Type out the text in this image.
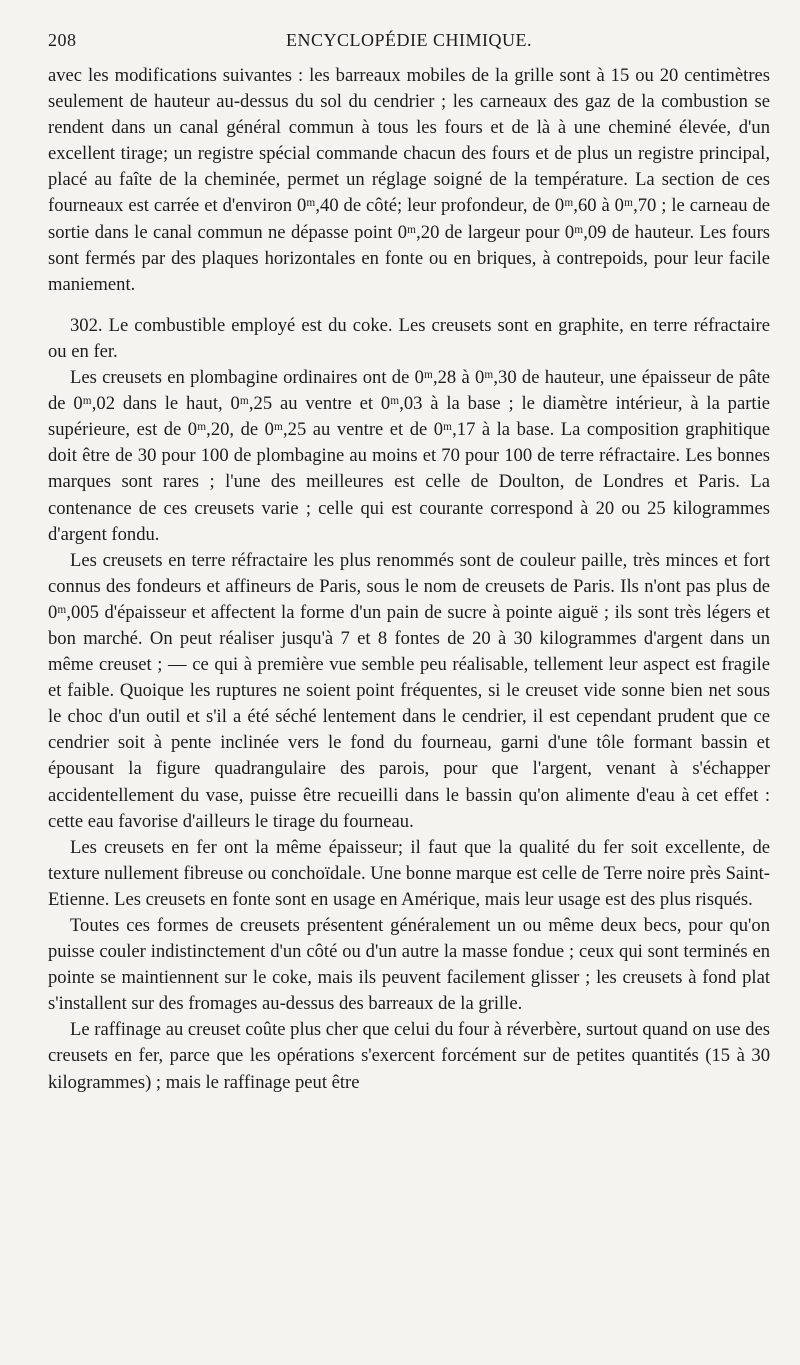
208	ENCYCLOPÉDIE CHIMIQUE.

avec les modifications suivantes : les barreaux mobiles de la grille sont à 15 ou 20 centimètres seulement de hauteur au-dessus du sol du cendrier ; les carneaux des gaz de la combustion se rendent dans un canal général commun à tous les fours et de là à une cheminé élevée, d'un excellent tirage; un registre spécial commande chacun des fours et de plus un registre principal, placé au faîte de la cheminée, permet un réglage soigné de la température. La section de ces fourneaux est carrée et d'environ 0ᵐ,40 de côté; leur profondeur, de 0ᵐ,60 à 0ᵐ,70 ; le carneau de sortie dans le canal commun ne dépasse point 0ᵐ,20 de largeur pour 0ᵐ,09 de hauteur. Les fours sont fermés par des plaques horizontales en fonte ou en briques, à contrepoids, pour leur facile maniement.

302. Le combustible employé est du coke. Les creusets sont en graphite, en terre réfractaire ou en fer.

Les creusets en plombagine ordinaires ont de 0ᵐ,28 à 0ᵐ,30 de hauteur, une épaisseur de pâte de 0ᵐ,02 dans le haut, 0ᵐ,25 au ventre et 0ᵐ,03 à la base ; le diamètre intérieur, à la partie supérieure, est de 0ᵐ,20, de 0ᵐ,25 au ventre et de 0ᵐ,17 à la base. La composition graphitique doit être de 30 pour 100 de plombagine au moins et 70 pour 100 de terre réfractaire. Les bonnes marques sont rares ; l'une des meilleures est celle de Doulton, de Londres et Paris. La contenance de ces creusets varie ; celle qui est courante correspond à 20 ou 25 kilogrammes d'argent fondu.

Les creusets en terre réfractaire les plus renommés sont de couleur paille, très minces et fort connus des fondeurs et affineurs de Paris, sous le nom de creusets de Paris. Ils n'ont pas plus de 0ᵐ,005 d'épaisseur et affectent la forme d'un pain de sucre à pointe aiguë ; ils sont très légers et bon marché. On peut réaliser jusqu'à 7 et 8 fontes de 20 à 30 kilogrammes d'argent dans un même creuset ; — ce qui à première vue semble peu réalisable, tellement leur aspect est fragile et faible. Quoique les ruptures ne soient point fréquentes, si le creuset vide sonne bien net sous le choc d'un outil et s'il a été séché lentement dans le cendrier, il est cependant prudent que ce cendrier soit à pente inclinée vers le fond du fourneau, garni d'une tôle formant bassin et épousant la figure quadrangulaire des parois, pour que l'argent, venant à s'échapper accidentellement du vase, puisse être recueilli dans le bassin qu'on alimente d'eau à cet effet : cette eau favorise d'ailleurs le tirage du fourneau.

Les creusets en fer ont la même épaisseur; il faut que la qualité du fer soit excellente, de texture nullement fibreuse ou conchoïdale. Une bonne marque est celle de Terre noire près Saint-Etienne. Les creusets en fonte sont en usage en Amérique, mais leur usage est des plus risqués.

Toutes ces formes de creusets présentent généralement un ou même deux becs, pour qu'on puisse couler indistinctement d'un côté ou d'un autre la masse fondue ; ceux qui sont terminés en pointe se maintiennent sur le coke, mais ils peuvent facilement glisser ; les creusets à fond plat s'installent sur des fromages au-dessus des barreaux de la grille.

Le raffinage au creuset coûte plus cher que celui du four à réverbère, surtout quand on use des creusets en fer, parce que les opérations s'exercent forcément sur de petites quantités (15 à 30 kilogrammes) ; mais le raffinage peut être
